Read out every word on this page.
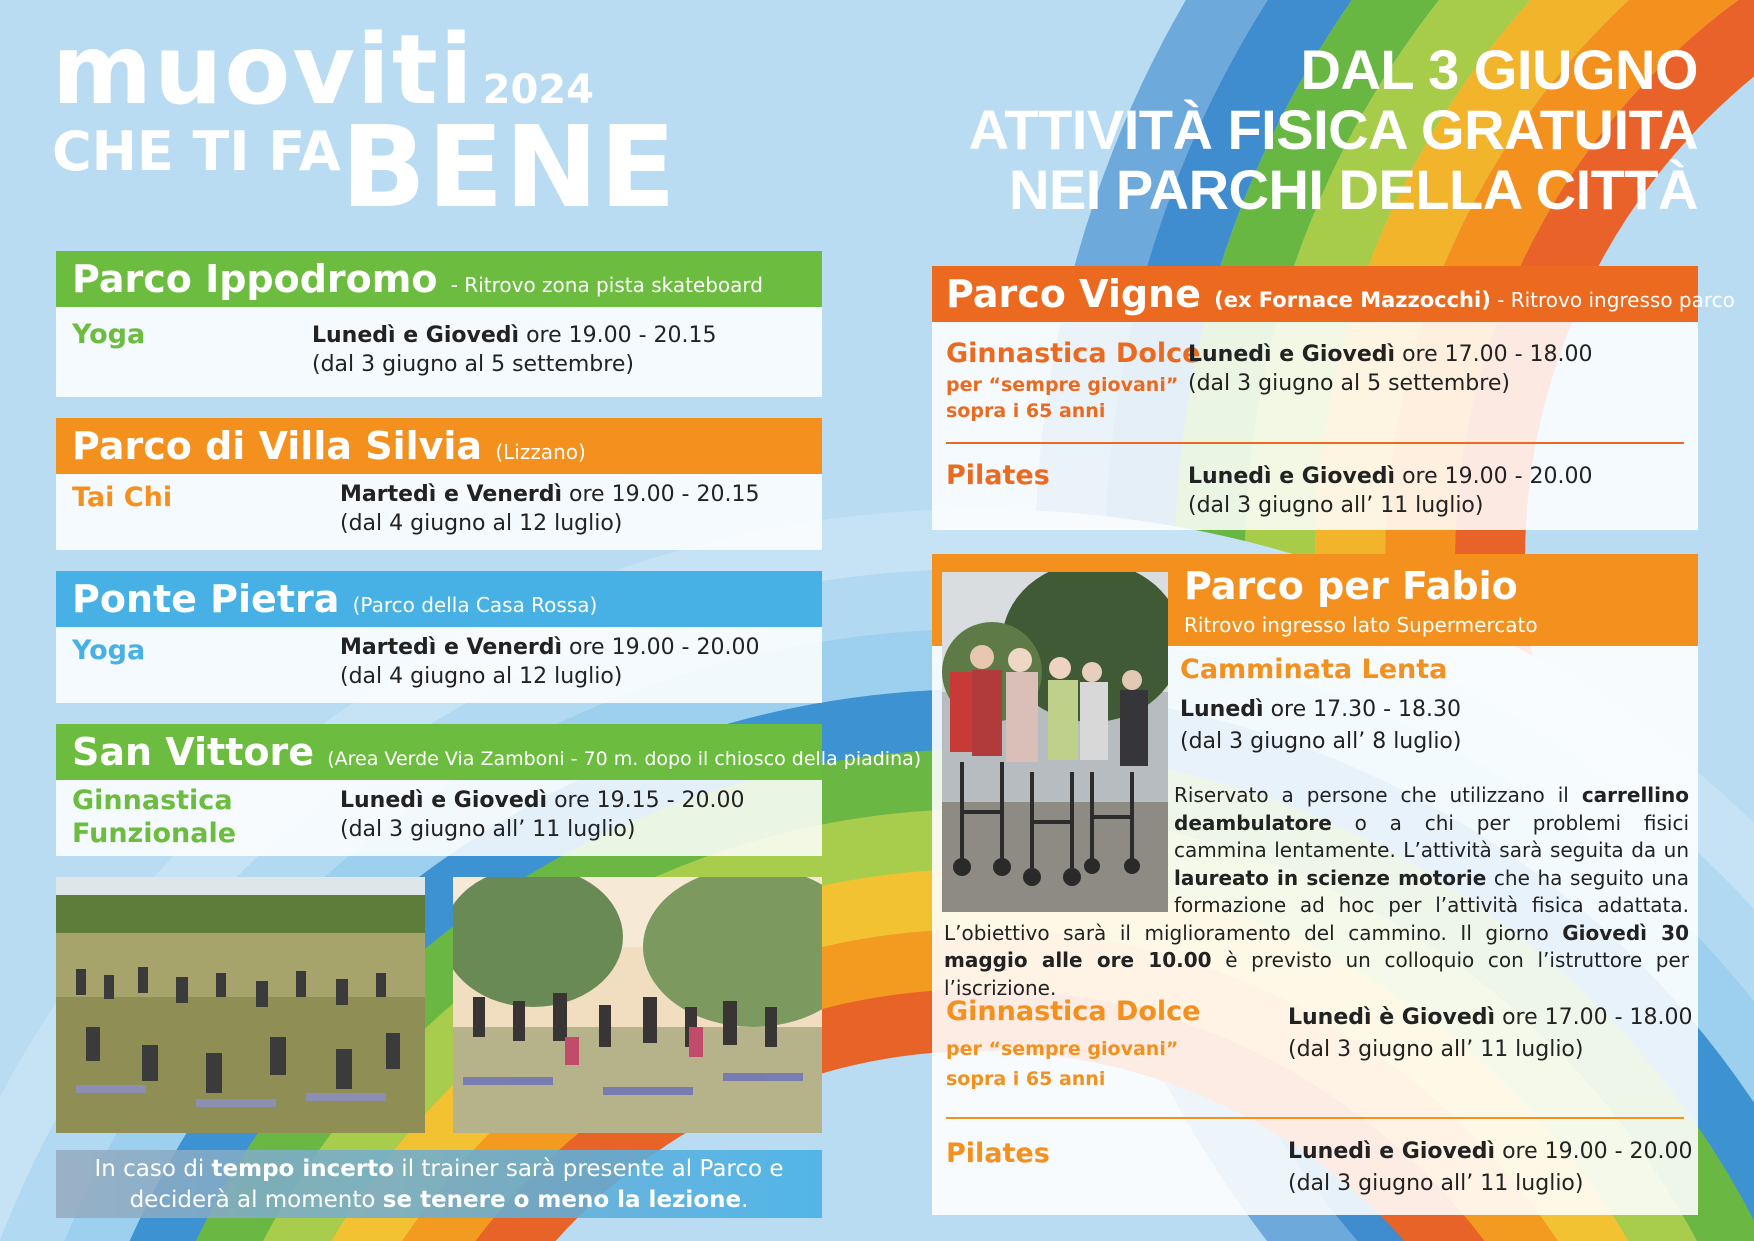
muoviti 2024
CHE TI FABENE
DAL 3 GIUGNO
ATTIVITÀ FISICA GRATUITA
NEI PARCHI DELLA CITTÀ
Parco Ippodromo - Ritrovo zona pista skateboard
Yoga	Lunedì e Giovedì ore 19.00 - 20.15
(dal 3 giugno al 5 settembre)
Parco di Villa Silvia (Lizzano)
Tai Chi	Martedì e Venerdì ore 19.00 - 20.15
(dal 4 giugno al 12 luglio)
Ponte Pietra (Parco della Casa Rossa)
Yoga	Martedì e Venerdì ore 19.00 - 20.00
(dal 4 giugno al 12 luglio)
San Vittore (Area Verde Via Zamboni - 70 m. dopo il chiosco della piadina)
Ginnastica
Funzionale
Lunedì e Giovedì ore 19.15 - 20.00
(dal 3 giugno all’ 11 luglio)
In caso di tempo incerto il trainer sarà presente al Parco e
deciderà al momento se tenere o meno la lezione.
Parco Vigne (ex Fornace Mazzocchi) - Ritrovo ingresso parco
Ginnastica Dolce
per “sempre giovani”
sopra i 65 anni
Lunedì e Giovedì ore 17.00 - 18.00
(dal 3 giugno al 5 settembre)
Pilates	Lunedì e Giovedì ore 19.00 - 20.00
(dal 3 giugno all’ 11 luglio)
Parco per Fabio
Ritrovo ingresso lato Supermercato
Camminata Lenta
Lunedì ore 17.30 - 18.30
(dal 3 giugno all’ 8 luglio)
Ginnastica Dolce
per “sempre giovani”
sopra i 65 anni
Lunedì è Giovedì ore 17.00 - 18.00
(dal 3 giugno all’ 11 luglio)
Pilates	Lunedì e Giovedì ore 19.00 - 20.00
(dal 3 giugno all’ 11 luglio)
Riservato a persone che utilizzano il carrellino deambulatore o a chi per problemi fisici cammina lentamente. L’attività sarà seguita da un laureato in scienze motorie che ha seguito una formazione ad hoc per l’attività fisica adattata. L’obiettivo sarà il miglioramento del cammino. Il giorno Giovedì 30 maggio alle ore 10.00 è previsto un colloquio con l’istruttore per l’iscrizione.
